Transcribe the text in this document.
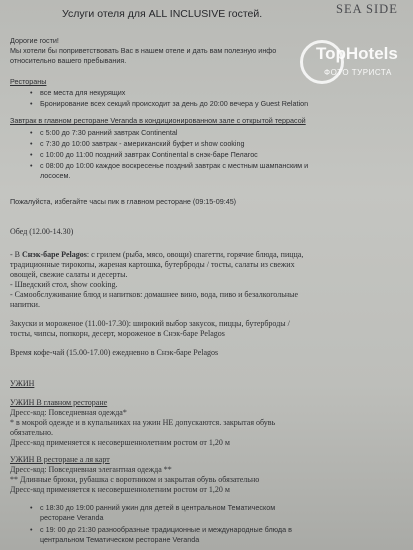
Услуги отеля для ALL INCLUSIVE гостей.	SEA SIDE
TopHotels
ФОТО ТУРИСТА
Дорогие гости!
Мы хотели бы поприветствовать Вас в нашем отеле и дать вам полезную инфо
относительно вашего пребывания.
Рестораны
• все места для некурящих
• Бронирование всех секций происходит за день до 20:00 вечера у Guest Relation
Завтрак в главном ресторане Veranda в кондиционированном зале с открытой террасой
• с 5:00 до 7:30 ранний завтрак Continental
• с 7:30 до 10:00 завтрак - американский буфет и show cooking
• с 10:00 до 11:00 поздний завтрак Continental в снэк-баре Пелагос
• с 08:00 до 10:00 каждое воскресенье поздний завтрак с местным шампанским и
лососем.
Пожалуйста, избегайте часы пик в главном ресторане (09:15-09:45)
Обед (12.00-14.30)
- В Снэк-баре Pelagos: с грилем (рыба, мясо, овощи) спагетти, горячие блюда, пицца,
традиционные тирокопы, жареная картошка, бутерброды / тосты, салаты из свежих
овощей, свежие салаты и десерты.
- Шведский стол, show cooking.
- Самообслуживание блюд и напитков: домашнее вино, вода, пиво и безалкогольные
напитки.
Закуски и мороженое (11.00-17.30): широкий выбор закусок, пиццы, бутерброды /
тосты, чипсы, попкорн, десерт, мороженое в Снэк-баре Pelagos
Время кофе-чай (15.00-17.00) ежедневно в Снэк-баре Pelagos
УЖИН
УЖИН В главном ресторане
Дресс-код: Повседневная одежда*
* в мокрой одежде и в купальниках на ужин НЕ допускаются. закрытая обувь
обязательно.
Дресс-код применяется к несовершеннолетним ростом от 1,20 м
УЖИН В ресторане а ля карт
Дресс-код: Повседневная элегантная одежда **
** Длинные брюки, рубашка с воротником и закрытая обувь обязательно
Дресс-код применяется к несовершеннолетним ростом от 1,20 м
• с 18:30 до 19:00 ранний ужин для детей в центральном Тематическом
ресторане Veranda
• с 19: 00 до 21:30 разнообразные традиционные и международные блюда в
центральном Тематическом ресторане Veranda
